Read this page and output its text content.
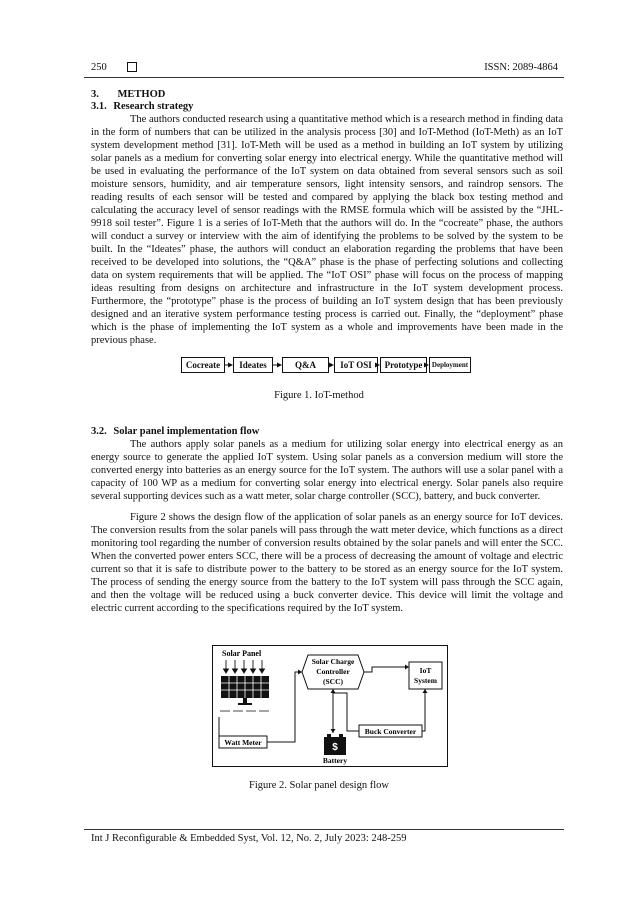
250	ISSN: 2089-4864
3. METHOD
3.1. Research strategy

The authors conducted research using a quantitative method which is a research method in finding data in the form of numbers that can be utilized in the analysis process [30] and IoT-Method (IoT-Meth) as an IoT system development method [31]. IoT-Meth will be used as a method in building an IoT system by utilizing solar panels as a medium for converting solar energy into electrical energy. While the quantitative method will be used in evaluating the performance of the IoT system on data obtained from several sensors such as soil moisture sensors, humidity, and air temperature sensors, light intensity sensors, and raindrop sensors. The reading results of each sensor will be tested and compared by applying the black box testing method and calculating the accuracy level of sensor readings with the RMSE formula which will be assisted by the “JHL-9918 soil tester”. Figure 1 is a series of IoT-Meth that the authors will do. In the “cocreate” phase, the authors will conduct a survey or interview with the aim of identifying the problems to be solved by the system to be built. In the “Ideates” phase, the authors will conduct an elaboration regarding the problems that have been received to be developed into solutions, the “Q&A” phase is the phase of perfecting solutions and collecting data on system requirements that will be applied. The “IoT OSI” phase will focus on the process of mapping ideas resulting from designs on architecture and infrastructure in the IoT system development process. Furthermore, the “prototype” phase is the process of building an IoT system design that has been previously designed and an iterative system performance testing process is carried out. Finally, the “deployment” phase which is the phase of implementing the IoT system as a whole and improvements have been made in the previous phase.

Cocreate	Ideates	Q&A	IoT OSI	Prototype	Deployment
Figure 1. IoT-method
3.2. Solar panel implementation flow

The authors apply solar panels as a medium for utilizing solar energy into electrical energy as an energy source to generate the applied IoT system. Using solar panels as a conversion medium will store the converted energy into batteries as an energy source for the IoT system. The authors will use a solar panel with a capacity of 100 WP as a medium for converting solar energy into electrical energy. Solar panels also require several supporting devices such as a watt meter, solar charge controller (SCC), battery, and buck converter.

Figure 2 shows the design flow of the application of solar panels as an energy source for IoT devices. The conversion results from the solar panels will pass through the watt meter device, which functions as a direct monitoring tool regarding the number of conversion results obtained by the solar panels and will enter the SCC. When the converted power enters SCC, there will be a process of decreasing the amount of voltage and electric current so that it is safe to distribute power to the battery to be stored as an energy source for the IoT system. The process of sending the energy source from the battery to the IoT system will pass through the SCC again, and then the voltage will be reduced using a buck converter device. This device will limit the voltage and electric current according to the specifications required by the IoT system.

Solar Panel
Solar Charge
Controller
(SCC)
IoT
System
Buck Converter
Watt Meter	$
Battery
Figure 2. Solar panel design flow
Int J Reconfigurable & Embedded Syst, Vol. 12, No. 2, July 2023: 248-259
